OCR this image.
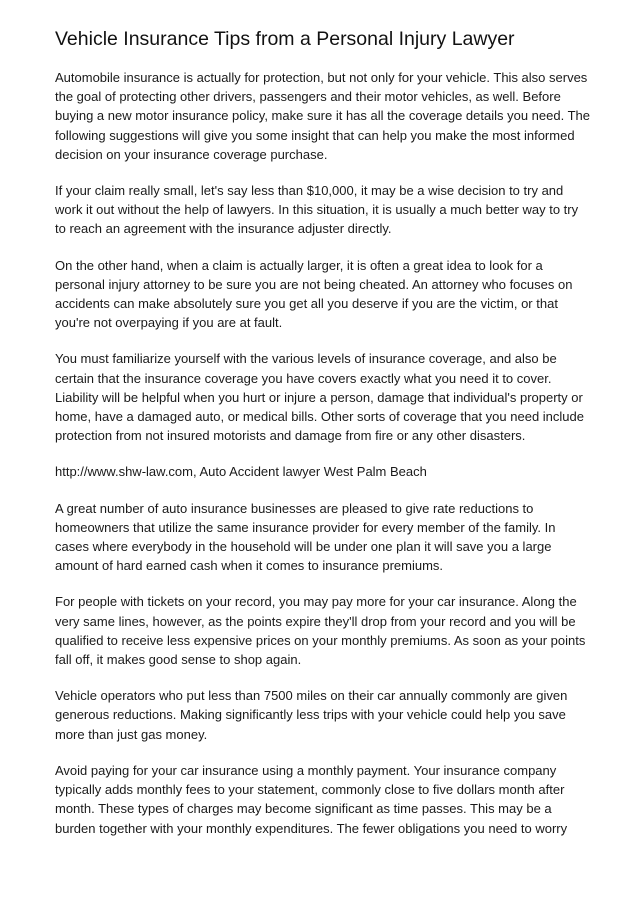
Vehicle Insurance Tips from a Personal Injury Lawyer
Automobile insurance is actually for protection, but not only for your vehicle. This also serves
the goal of protecting other drivers, passengers and their motor vehicles, as well. Before
buying a new motor insurance policy, make sure it has all the coverage details you need. The
following suggestions will give you some insight that can help you make the most informed
decision on your insurance coverage purchase.
If your claim really small, let's say less than $10,000, it may be a wise decision to try and
work it out without the help of lawyers. In this situation, it is usually a much better way to try
to reach an agreement with the insurance adjuster directly.
On the other hand, when a claim is actually larger, it is often a great idea to look for a
personal injury attorney to be sure you are not being cheated. An attorney who focuses on
accidents can make absolutely sure you get all you deserve if you are the victim, or that
you're not overpaying if you are at fault.
You must familiarize yourself with the various levels of insurance coverage, and also be
certain that the insurance coverage you have covers exactly what you need it to cover.
Liability will be helpful when you hurt or injure a person, damage that individual's property or
home, have a damaged auto, or medical bills. Other sorts of coverage that you need include
protection from not insured motorists and damage from fire or any other disasters.
http://www.shw-law.com, Auto Accident lawyer West Palm Beach
A great number of auto insurance businesses are pleased to give rate reductions to
homeowners that utilize the same insurance provider for every member of the family. In
cases where everybody in the household will be under one plan it will save you a large
amount of hard earned cash when it comes to insurance premiums.
For people with tickets on your record, you may pay more for your car insurance. Along the
very same lines, however, as the points expire they'll drop from your record and you will be
qualified to receive less expensive prices on your monthly premiums. As soon as your points
fall off, it makes good sense to shop again.
Vehicle operators who put less than 7500 miles on their car annually commonly are given
generous reductions. Making significantly less trips with your vehicle could help you save
more than just gas money.
Avoid paying for your car insurance using a monthly payment. Your insurance company
typically adds monthly fees to your statement, commonly close to five dollars month after
month. These types of charges may become significant as time passes. This may be a
burden together with your monthly expenditures. The fewer obligations you need to worry
